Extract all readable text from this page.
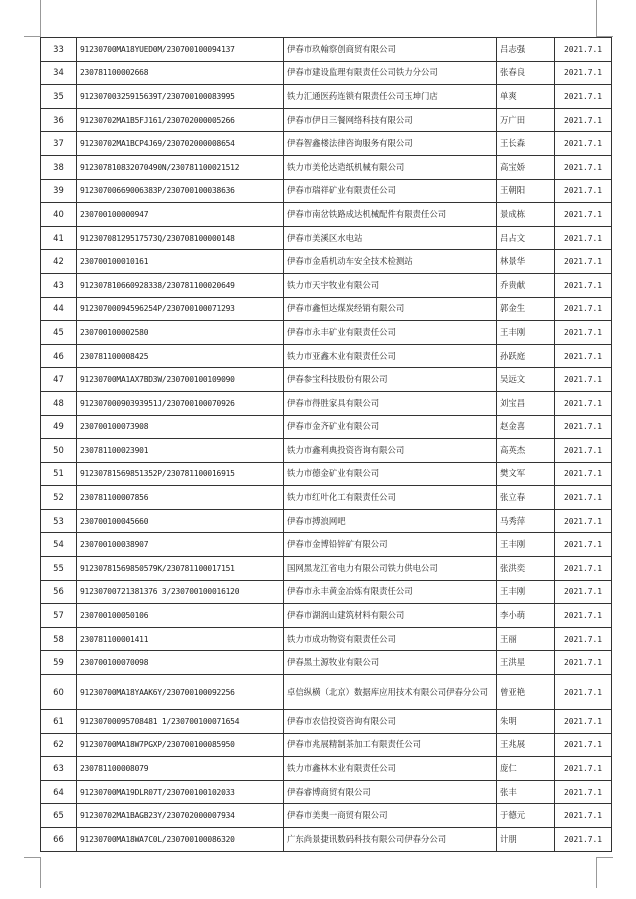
33	91230700MA18YUED0M/230700100094137	伊春市玖翰察创商贸有限公司	吕志强	2021.7.1
34	230781100002668	伊春市建设监理有限责任公司铁力分公司	张春良	2021.7.1
35	91230700325915639T/230700100083995	铁力汇通医药连锁有限责任公司玉坤门店	单爽	2021.7.1
36	91230702MA1B5FJ161/230702000005266	伊春市伊日三餐网络科技有限公司	万广田	2021.7.1
37	91230702MA1BCP4J69/230702000008654	伊春智鑫楼法律咨询服务有限公司	王长森	2021.7.1
38	912307810832070490N/230781100021512	铁力市美伦达造纸机械有限公司	高宝娇	2021.7.1
39	91230700669006383P/230700100038636	伊春市瑞祥矿业有限责任公司	王朝阳	2021.7.1
40	230700100000947	伊春市南岔铁路成达机械配件有限责任公司	景成栋	2021.7.1
41	91230708129517573Q/230708100000148	伊春市美溪区水电站	吕占文	2021.7.1
42	230700100010161	伊春市金盾机动车安全技术检测站	林景华	2021.7.1
43	912307810660928338/230781100020649	铁力市天宇牧业有限公司	乔贵献	2021.7.1
44	91230700094596254P/230700100071293	伊春市鑫恒达煤炭经销有限公司	郭金生	2021.7.1
45	230700100002580	伊春市永丰矿业有限责任公司	王丰刚	2021.7.1
46	230781100008425	铁力市亚鑫木业有限责任公司	孙跃庭	2021.7.1
47	91230700MA1AX7BD3W/230700100109090	伊春参宝科技股份有限公司	吴远文	2021.7.1
48	91230700090393951J/230700100070926	伊春市得胜家具有限公司	刘宝昌	2021.7.1
49	230700100073908	伊春市金齐矿业有限公司	赵金喜	2021.7.1
50	230781100023901	铁力市鑫利典投资咨询有限公司	高英杰	2021.7.1
51	91230781569851352P/230781100016915	铁力市德金矿业有限公司	樊文军	2021.7.1
52	230781100007856	铁力市红叶化工有限责任公司	张立春	2021.7.1
53	230700100045660	伊春市搏浪网吧	马秀萍	2021.7.1
54	230700100038907	伊春市金博铅锌矿有限公司	王丰刚	2021.7.1
55	91230781569850579K/230781100017151	国网黑龙江省电力有限公司铁力供电公司	张洪奕	2021.7.1
56	91230700721381376 3/230700100016120	伊春市永丰黄金冶炼有限责任公司	王丰刚	2021.7.1
57	230700100050106	伊春市湖润山建筑材料有限公司	李小萌	2021.7.1
58	230781100001411	铁力市成功物资有限责任公司	王丽	2021.7.1
59	230700100070098	伊春黑土源牧业有限公司	王洪星	2021.7.1
60	91230700MA18YAAK6Y/230700100092256	卓信纵横（北京）数据库应用技术有限公司伊春分公司	曾亚艳	2021.7.1
61	91230700095708481 1/230700100071654	伊春市农信投资咨询有限公司	朱明	2021.7.1
62	91230700MA18W7PGXP/230700100085950	伊春市兆展精制茶加工有限责任公司	王兆展	2021.7.1
63	230781100008079	铁力市鑫林木业有限责任公司	庞仁	2021.7.1
64	91230700MA19DLR07T/230700100102033	伊春睿博商贸有限公司	张丰	2021.7.1
65	91230702MA1BAGB23Y/230702000007934	伊春市美奥一商贸有限公司	于德元	2021.7.1
66	91230700MA18WA7C0L/230700100086320	广东尚景捷讯数码科技有限公司伊春分公司	计朋	2021.7.1
